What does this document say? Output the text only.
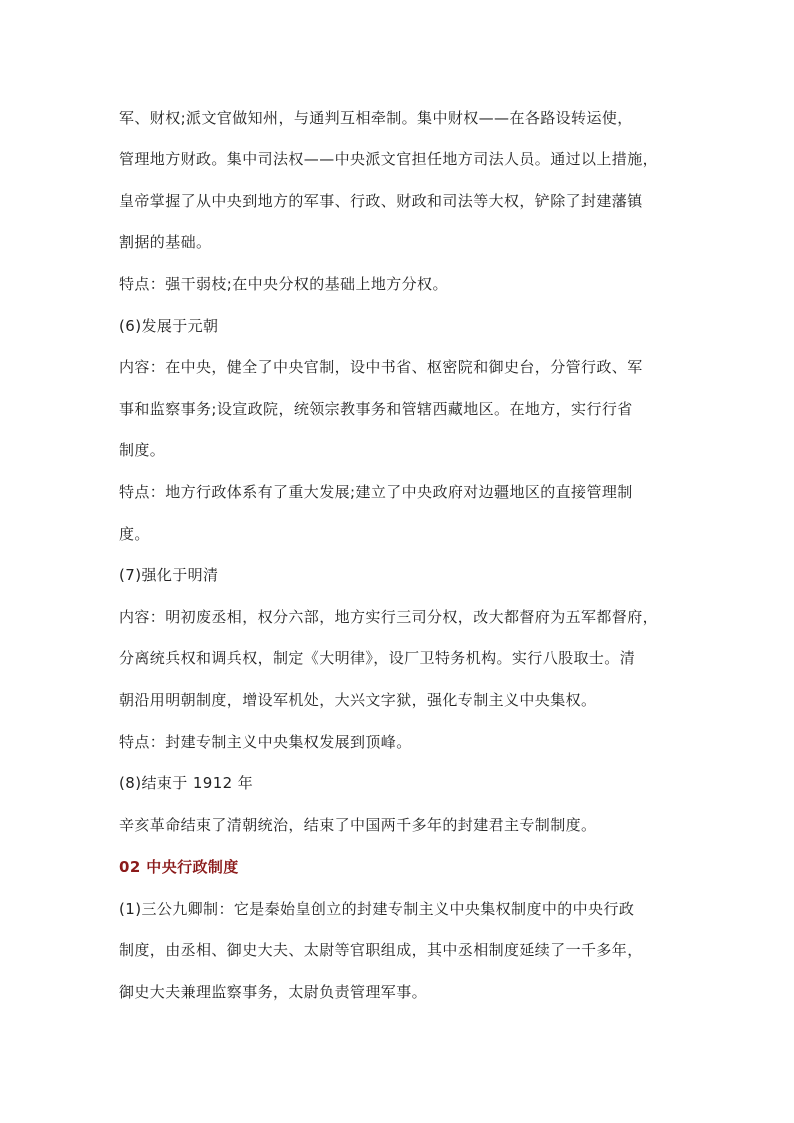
军、财权;派文官做知州，与通判互相牵制。集中财权——在各路设转运使，
管理地方财政。集中司法权——中央派文官担任地方司法人员。通过以上措施，
皇帝掌握了从中央到地方的军事、行政、财政和司法等大权，铲除了封建藩镇
割据的基础。
特点：强干弱枝;在中央分权的基础上地方分权。
(6)发展于元朝
内容：在中央，健全了中央官制，设中书省、枢密院和御史台，分管行政、军
事和监察事务;设宣政院，统领宗教事务和管辖西藏地区。在地方，实行行省
制度。
特点：地方行政体系有了重大发展;建立了中央政府对边疆地区的直接管理制
度。
(7)强化于明清
内容：明初废丞相，权分六部，地方实行三司分权，改大都督府为五军都督府，
分离统兵权和调兵权，制定《大明律》，设厂卫特务机构。实行八股取士。清
朝沿用明朝制度，增设军机处，大兴文字狱，强化专制主义中央集权。
特点：封建专制主义中央集权发展到顶峰。
(8)结束于 1912 年
辛亥革命结束了清朝统治，结束了中国两千多年的封建君主专制制度。
02 中央行政制度
(1)三公九卿制：它是秦始皇创立的封建专制主义中央集权制度中的中央行政
制度，由丞相、御史大夫、太尉等官职组成，其中丞相制度延续了一千多年，
御史大夫兼理监察事务，太尉负责管理军事。
